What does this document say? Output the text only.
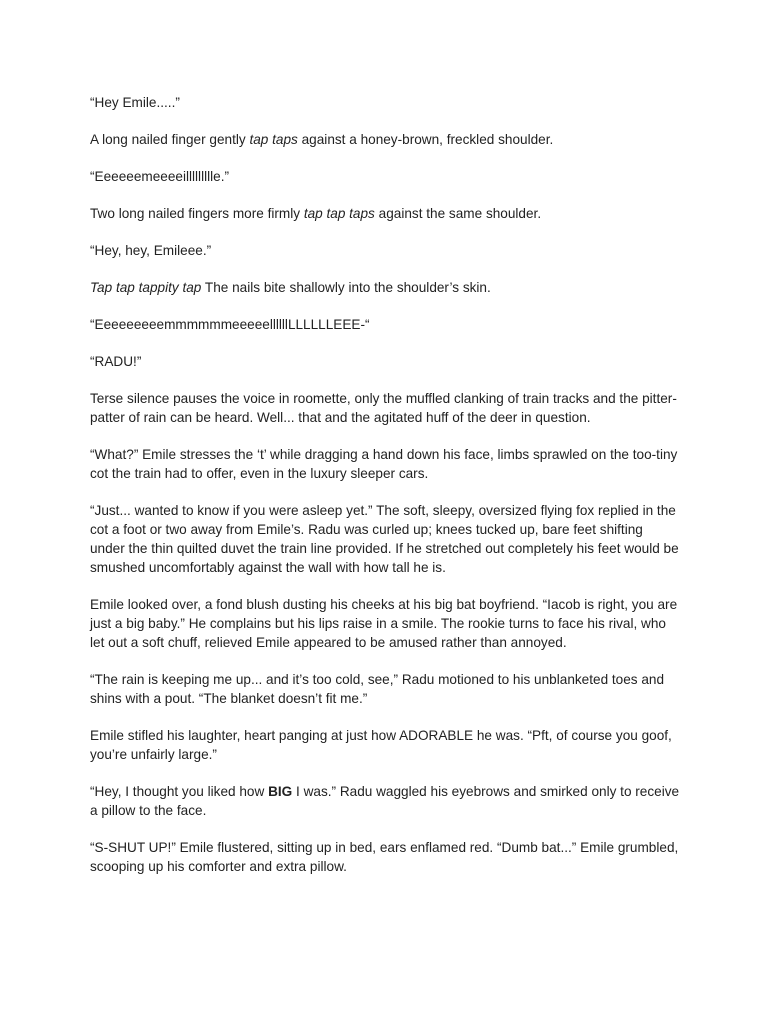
“Hey Emile.....”

A long nailed finger gently tap taps against a honey-brown, freckled shoulder.

“Eeeeeemeeeeillllllllle.”

Two long nailed fingers more firmly tap tap taps against the same shoulder.

“Hey, hey, Emileee.”

Tap tap tappity tap The nails bite shallowly into the shoulder’s skin.

“EeeeeeeeemmmmmmeeeeellllllLLLLLLEEE-“

“RADU!”

Terse silence pauses the voice in roomette, only the muffled clanking of train tracks and the pitter-patter of rain can be heard. Well... that and the agitated huff of the deer in question.

“What?” Emile stresses the ‘t’ while dragging a hand down his face, limbs sprawled on the too-tiny cot the train had to offer, even in the luxury sleeper cars.

“Just... wanted to know if you were asleep yet.” The soft, sleepy, oversized flying fox replied in the cot a foot or two away from Emile’s. Radu was curled up; knees tucked up, bare feet shifting under the thin quilted duvet the train line provided. If he stretched out completely his feet would be smushed uncomfortably against the wall with how tall he is.

Emile looked over, a fond blush dusting his cheeks at his big bat boyfriend. “Iacob is right, you are just a big baby.” He complains but his lips raise in a smile. The rookie turns to face his rival, who let out a soft chuff, relieved Emile appeared to be amused rather than annoyed.

“The rain is keeping me up... and it’s too cold, see,” Radu motioned to his unblanketed toes and shins with a pout. “The blanket doesn’t fit me.”

Emile stifled his laughter, heart panging at just how ADORABLE he was. “Pft, of course you goof, you’re unfairly large.”

“Hey, I thought you liked how BIG I was.” Radu waggled his eyebrows and smirked only to receive a pillow to the face.

“S-SHUT UP!” Emile flustered, sitting up in bed, ears enflamed red. “Dumb bat...” Emile grumbled, scooping up his comforter and extra pillow.
